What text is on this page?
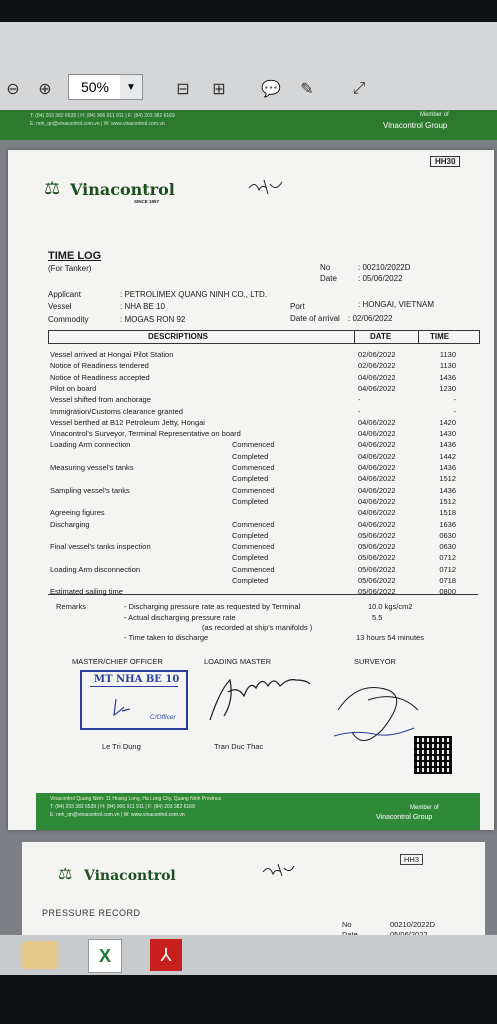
⊖	⊕	50%	▼	⊟	⊞	💬	✎	⤢
T: (84) 203 382 6539 | H: (84) 906 911 911 | F: (84) 203 382 6169
E: nnh_qn@vinacontrol.com.vn | W: www.vinacontrol.com.vn
Member of
Vinacontrol Group
HH30
⚖ Vinacontrol
SINCE 1957
TIME LOG
(For Tanker)	No	: 00210/2022D
Date	: 05/06/2022
Applicant	: PETROLIMEX QUANG NINH CO., LTD.
Vessel	: NHA BE 10	Port	: HONGAI, VIETNAM
Commodity	: MOGAS RON 92	Date of arrival : 02/06/2022
DESCRIPTIONS	DATE	TIME
Remarks	- Discharging pressure rate as requested by Terminal	10.0 kgs/cm2
- Actual discharging pressure rate	5.5
(as recorded at ship's manifolds )
- Time taken to discharge	13 hours 54 minutes
MASTER/CHIEF OFFICER	LOADING MASTER	SURVEYOR
MT NHA BE 10
C/Officer
Le Tri Dung	Tran Duc Thac
Vinacontrol Quang Ninh: 11 Hoang Long, Ha Long City, Quang Ninh Province
T: (84) 203 382 6539 | H: (84) 906 911 911 | F: (84) 203 382 6169
E: nnh_qn@vinacontrol.com.vn | W: www.vinacontrol.com.vn
Member of
Vinacontrol Group
Vessel arrived at Hongai Pilot Station	02/06/2022	1130
Notice of Readiness tendered	02/06/2022	1130
Notice of Readiness accepted	04/06/2022	1436
Pilot on board	04/06/2022	1230
Vessel shifted from anchorage	-	-
Immigration/Customs clearance granted	-	-
Vessel berthed at B12 Petroleum Jetty, Hongai	04/06/2022	1420
Vinacontrol's Surveyor, Terminal Representative on board	04/06/2022	1430
Loading Arm connection	Commenced	04/06/2022	1436
Completed	04/06/2022	1442
Measuring vessel's tanks	Commenced	04/06/2022	1436
Completed	04/06/2022	1512
Sampling vessel's tanks	Commenced	04/06/2022	1436
Completed	04/06/2022	1512
Agreeing figures	04/06/2022	1518
Discharging	Commenced	04/06/2022	1636
Completed	05/06/2022	0630
Final vessel's tanks inspection	Commenced	05/06/2022	0630
Completed	05/06/2022	0712
Loading Arm disconnection	Commenced	05/06/2022	0712
Completed	05/06/2022	0718
Estimated sailing time	05/06/2022	0800
HH3
⚖ Vinacontrol
PRESSURE RECORD
No	00210/2022D
X	⅄
